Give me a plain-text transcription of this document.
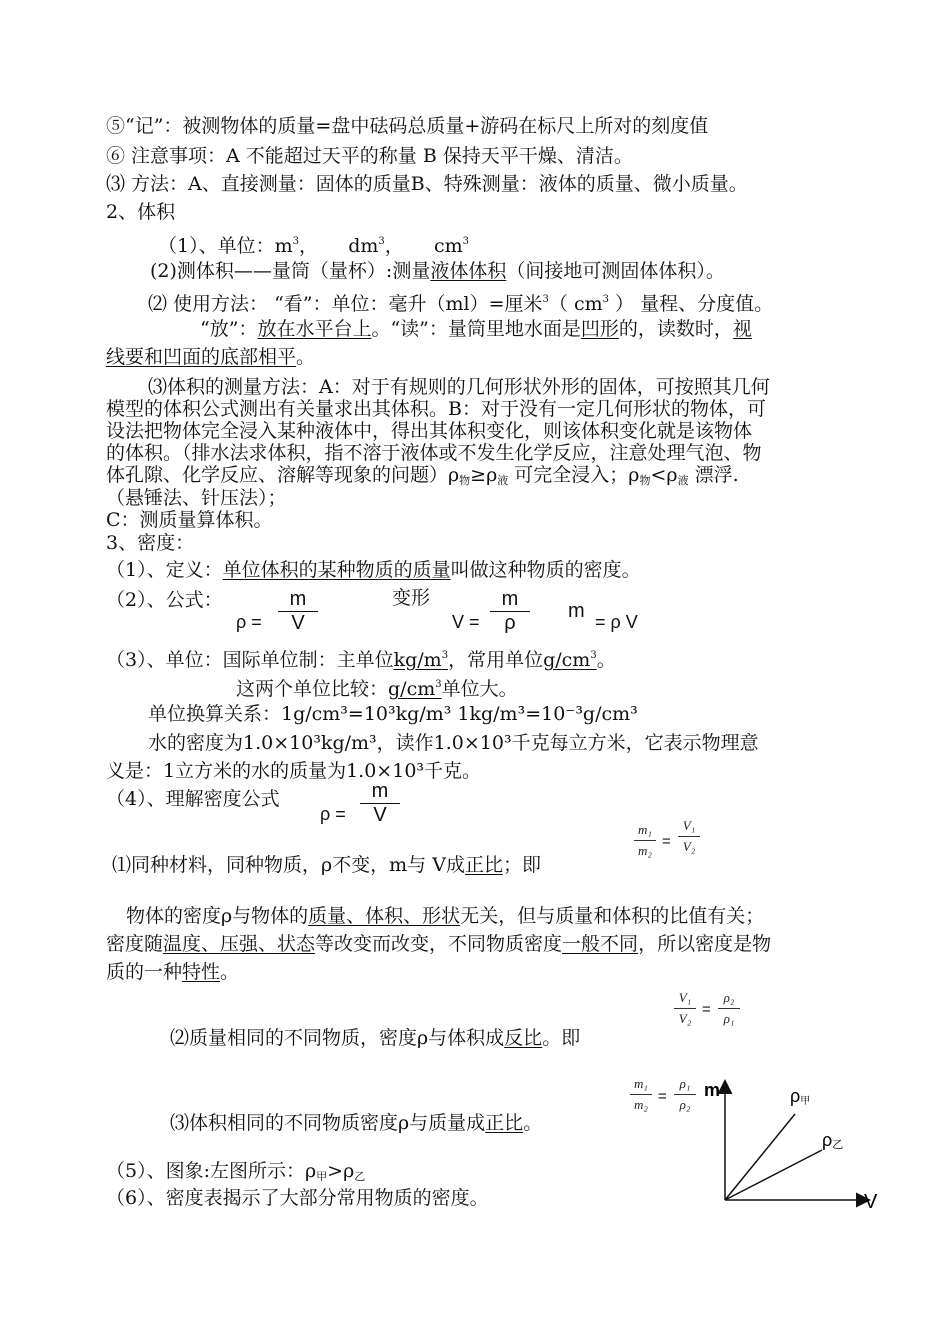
⑤“记”：被测物体的质量=盘中砝码总质量+游码在标尺上所对的刻度值
⑥ 注意事项：A 不能超过天平的称量 B 保持天平干燥、清洁。
⑶ 方法：A、直接测量：固体的质量B、特殊测量：液体的质量、微小质量。
2、体积
（1）、单位：$m^3$，     $dm^3$，     $cm^3$
(2)测体积——量筒（量杯）:测量液体体积（间接地可测固体体积）。
⑵ 使用方法： “看”：单位：毫升（ml）=厘米$^3$（ $cm^3$ ） 量程、分度值。
“放”：放在水平台上。“读”：量筒里地水面是凹形的，读数时，视
线要和凹面的底部相平。
⑶体积的测量方法：A：对于有规则的几何形状外形的固体，可按照其几何
模型的体积公式测出有关量求出其体积。B：对于没有一定几何形状的物体，可
设法把物体完全浸入某种液体中，得出其体积变化，则该体积变化就是该物体
的体积。（排水法求体积，指不溶于液体或不发生化学反应，注意处理气泡、物
体孔隙、化学反应、溶解等现象的问题）$\rho_物\ge\rho_液$ 可完全浸入；$\rho_物<\rho_液$ 漂浮.
（悬锤法、针压法）；
C：测质量算体积。
3、密度：
（1）、定义：单位体积的某种物质的质量叫做这种物质的密度。
（2）、公式：
ρ =
m
V
变形
V =
m
ρ
m = ρ V
（3）、单位：国际单位制：主单位$kg/m^3$，常用单位$g/cm^3$。
这两个单位比较：$g/cm^3$单位大。
单位换算关系：1g/cm³=10³kg/m³ 1kg/m³=10⁻³g/cm³
水的密度为1.0×10³kg/m³，读作1.0×10³千克每立方米，它表示物理意
义是：1立方米的水的质量为1.0×10³千克。
（4）、理解密度公式
ρ =
m
V
⑴同种材料，同种物质，ρ不变，m与 V成正比；即
m₁
m₂
=
V₁
V₂
物体的密度ρ与物体的质量、体积、形状无关，但与质量和体积的比值有关；
密度随温度、压强、状态等改变而改变，不同物质密度一般不同，所以密度是物
质的一种特性。
V₁
V₂
=
ρ₂
ρ₁
⑵质量相同的不同物质，密度ρ与体积成反比。即
m₁
m₂ =
ρ₁
ρ₂
⑶体积相同的不同物质密度ρ与质量成正比。
（5）、图象:左图所示：$\rho_甲>\rho_乙$
（6）、密度表揭示了大部分常用物质的密度。
m
V
ρ甲
ρ乙
